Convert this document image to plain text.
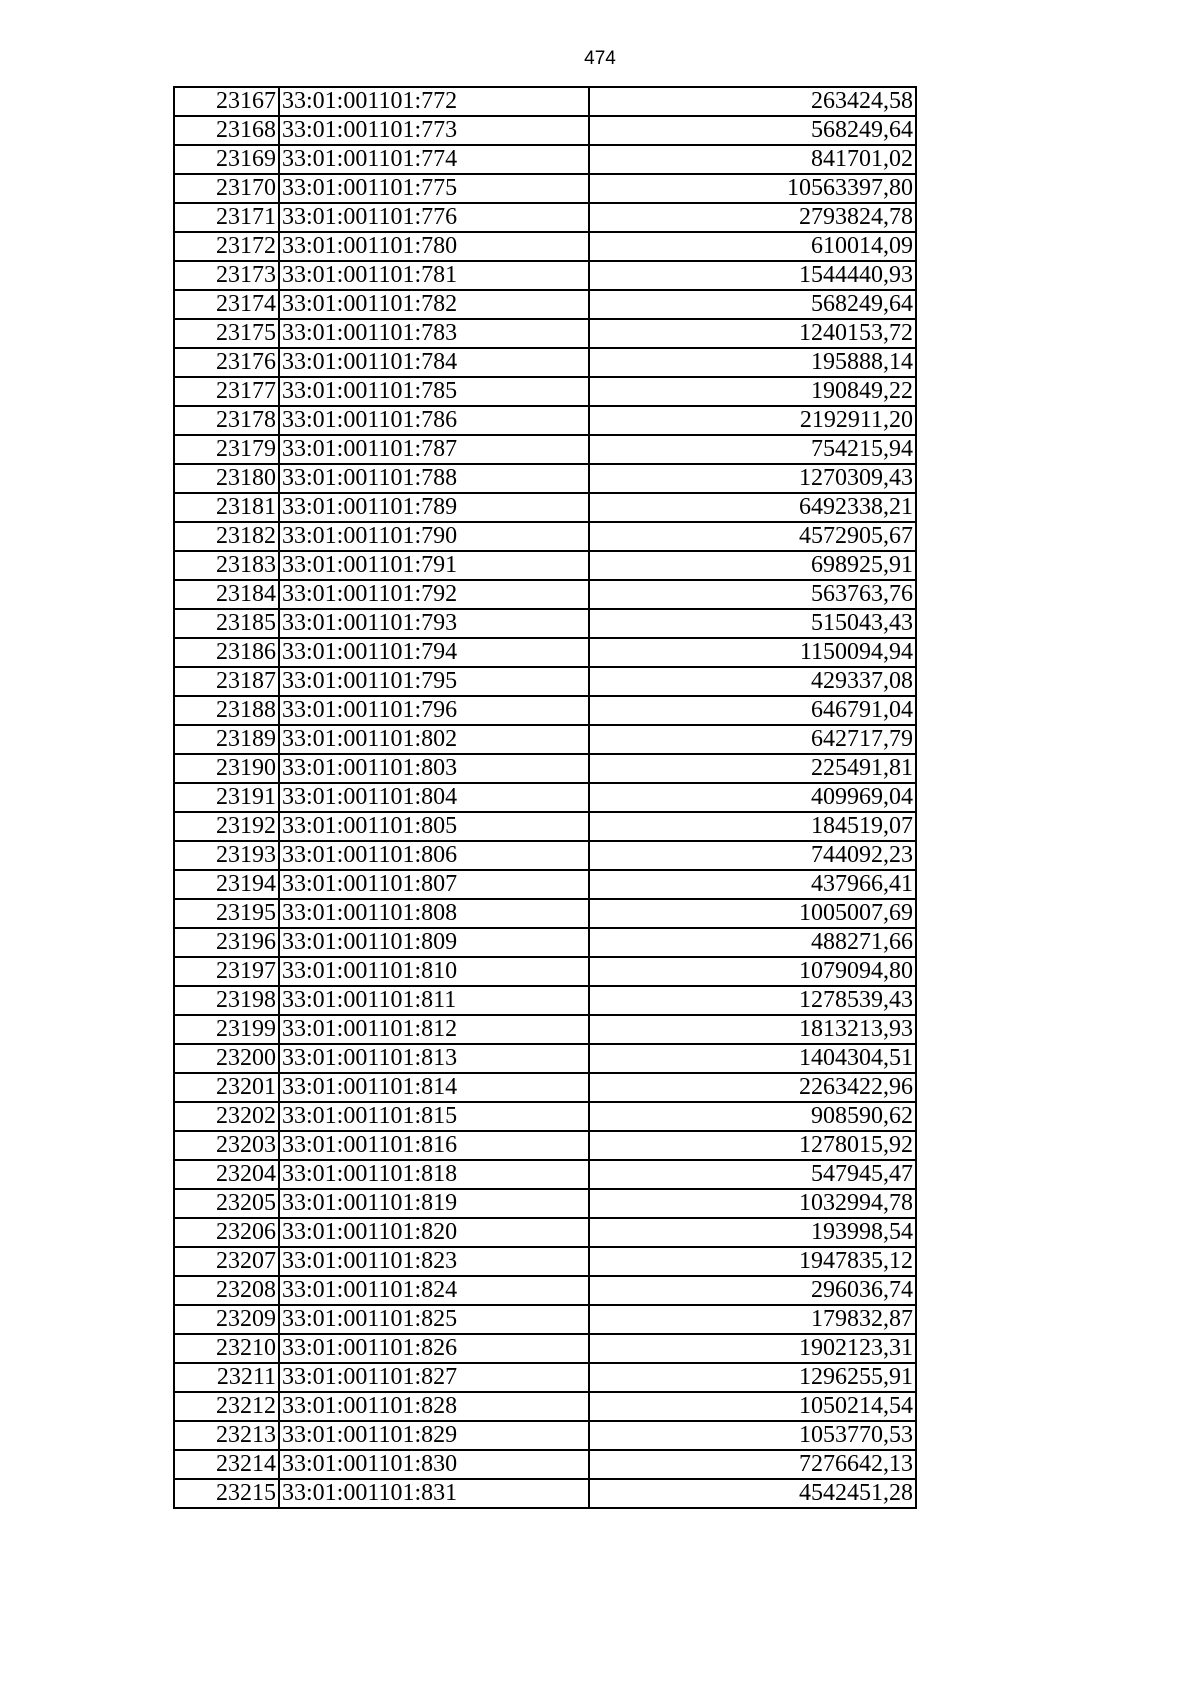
474
23167	33:01:001101:772	263424,58
23168	33:01:001101:773	568249,64
23169	33:01:001101:774	841701,02
23170	33:01:001101:775	10563397,80
23171	33:01:001101:776	2793824,78
23172	33:01:001101:780	610014,09
23173	33:01:001101:781	1544440,93
23174	33:01:001101:782	568249,64
23175	33:01:001101:783	1240153,72
23176	33:01:001101:784	195888,14
23177	33:01:001101:785	190849,22
23178	33:01:001101:786	2192911,20
23179	33:01:001101:787	754215,94
23180	33:01:001101:788	1270309,43
23181	33:01:001101:789	6492338,21
23182	33:01:001101:790	4572905,67
23183	33:01:001101:791	698925,91
23184	33:01:001101:792	563763,76
23185	33:01:001101:793	515043,43
23186	33:01:001101:794	1150094,94
23187	33:01:001101:795	429337,08
23188	33:01:001101:796	646791,04
23189	33:01:001101:802	642717,79
23190	33:01:001101:803	225491,81
23191	33:01:001101:804	409969,04
23192	33:01:001101:805	184519,07
23193	33:01:001101:806	744092,23
23194	33:01:001101:807	437966,41
23195	33:01:001101:808	1005007,69
23196	33:01:001101:809	488271,66
23197	33:01:001101:810	1079094,80
23198	33:01:001101:811	1278539,43
23199	33:01:001101:812	1813213,93
23200	33:01:001101:813	1404304,51
23201	33:01:001101:814	2263422,96
23202	33:01:001101:815	908590,62
23203	33:01:001101:816	1278015,92
23204	33:01:001101:818	547945,47
23205	33:01:001101:819	1032994,78
23206	33:01:001101:820	193998,54
23207	33:01:001101:823	1947835,12
23208	33:01:001101:824	296036,74
23209	33:01:001101:825	179832,87
23210	33:01:001101:826	1902123,31
23211	33:01:001101:827	1296255,91
23212	33:01:001101:828	1050214,54
23213	33:01:001101:829	1053770,53
23214	33:01:001101:830	7276642,13
23215	33:01:001101:831	4542451,28
